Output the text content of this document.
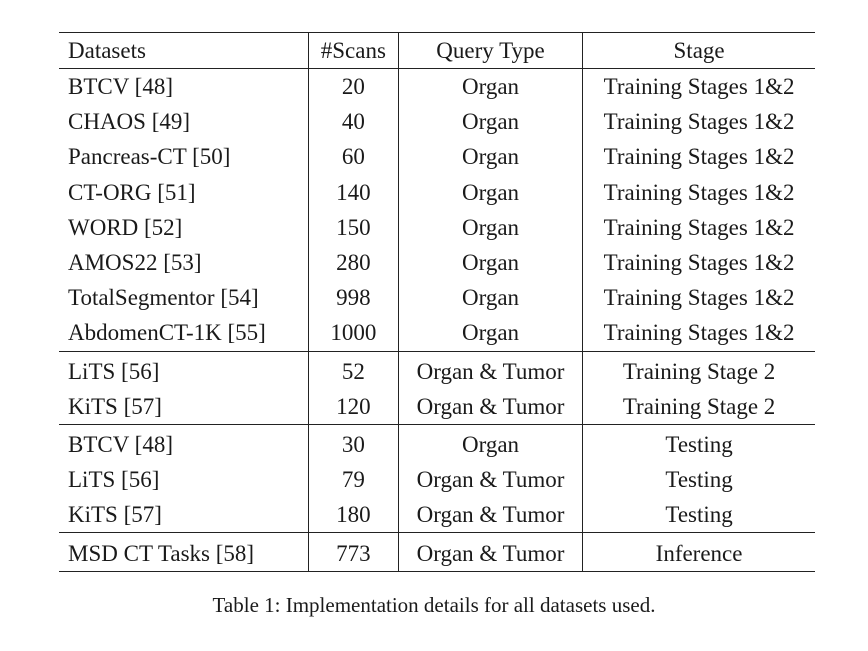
Datasets	#Scans	Query Type	Stage
BTCV [48]	20	Organ	Training Stages 1&2
CHAOS [49]	40	Organ	Training Stages 1&2
Pancreas-CT [50]	60	Organ	Training Stages 1&2
CT-ORG [51]	140	Organ	Training Stages 1&2
WORD [52]	150	Organ	Training Stages 1&2
AMOS22 [53]	280	Organ	Training Stages 1&2
TotalSegmentor [54]	998	Organ	Training Stages 1&2
AbdomenCT-1K [55]	1000	Organ	Training Stages 1&2
LiTS [56]	52	Organ & Tumor	Training Stage 2
KiTS [57]	120	Organ & Tumor	Training Stage 2
BTCV [48]	30	Organ	Testing
LiTS [56]	79	Organ & Tumor	Testing
KiTS [57]	180	Organ & Tumor	Testing
MSD CT Tasks [58]	773	Organ & Tumor	Inference
Table 1: Implementation details for all datasets used.
